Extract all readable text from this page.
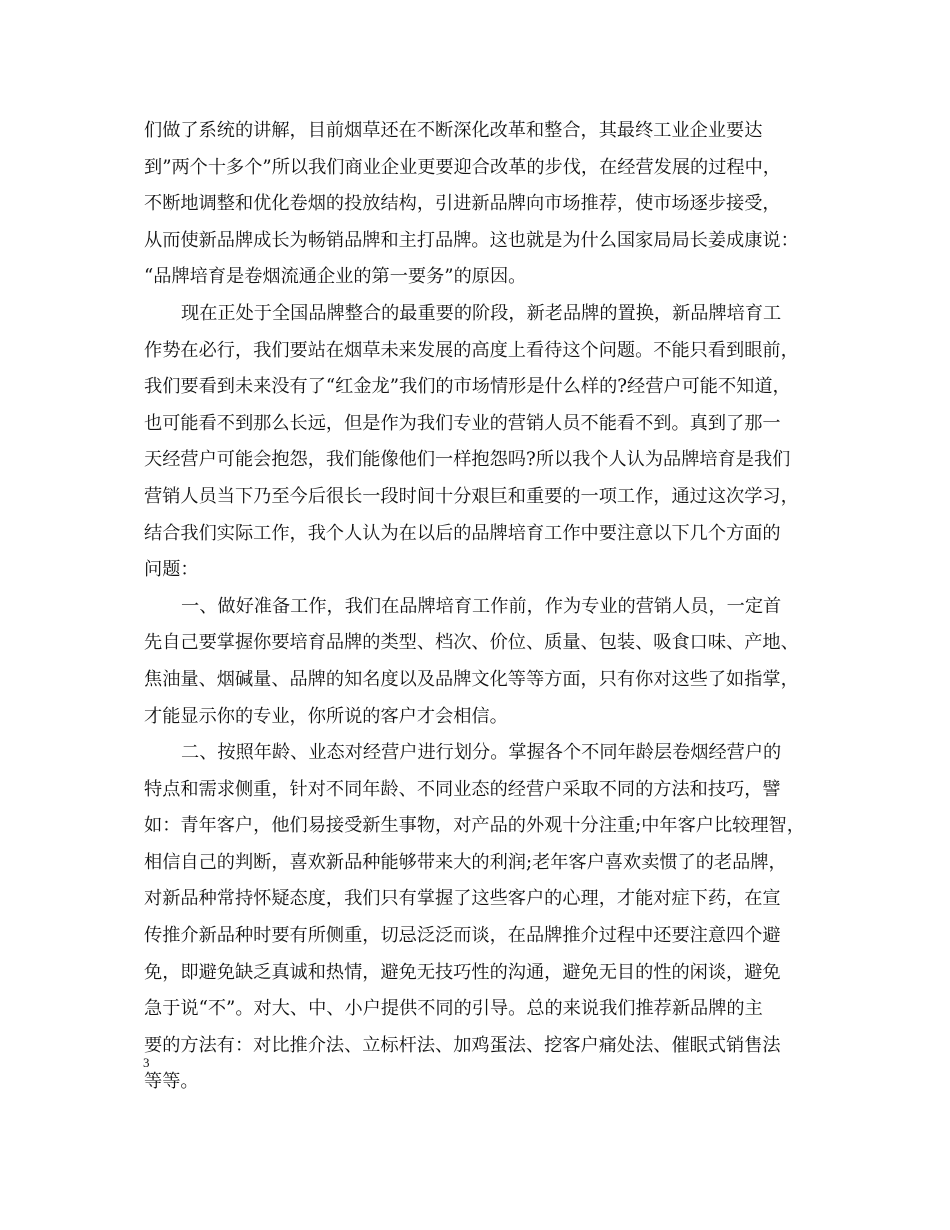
们做了系统的讲解，目前烟草还在不断深化改革和整合，其最终工业企业要达
到”两个十多个”所以我们商业企业更要迎合改革的步伐，在经营发展的过程中，
不断地调整和优化卷烟的投放结构，引进新品牌向市场推荐，使市场逐步接受，
从而使新品牌成长为畅销品牌和主打品牌。这也就是为什么国家局局长姜成康说：
“品牌培育是卷烟流通企业的第一要务”的原因。
现在正处于全国品牌整合的最重要的阶段，新老品牌的置换，新品牌培育工
作势在必行，我们要站在烟草未来发展的高度上看待这个问题。不能只看到眼前，
我们要看到未来没有了“红金龙”我们的市场情形是什么样的?经营户可能不知道，
也可能看不到那么长远，但是作为我们专业的营销人员不能看不到。真到了那一
天经营户可能会抱怨，我们能像他们一样抱怨吗?所以我个人认为品牌培育是我们
营销人员当下乃至今后很长一段时间十分艰巨和重要的一项工作，通过这次学习，
结合我们实际工作，我个人认为在以后的品牌培育工作中要注意以下几个方面的
问题：
一、做好准备工作，我们在品牌培育工作前，作为专业的营销人员，一定首
先自己要掌握你要培育品牌的类型、档次、价位、质量、包装、吸食口味、产地、
焦油量、烟碱量、品牌的知名度以及品牌文化等等方面，只有你对这些了如指掌，
才能显示你的专业，你所说的客户才会相信。
二、按照年龄、业态对经营户进行划分。掌握各个不同年龄层卷烟经营户的
特点和需求侧重，针对不同年龄、不同业态的经营户采取不同的方法和技巧，譬
如：青年客户，他们易接受新生事物，对产品的外观十分注重;中年客户比较理智，
相信自己的判断，喜欢新品种能够带来大的利润;老年客户喜欢卖惯了的老品牌，
对新品种常持怀疑态度，我们只有掌握了这些客户的心理，才能对症下药，在宣
传推介新品种时要有所侧重，切忌泛泛而谈，在品牌推介过程中还要注意四个避
免，即避免缺乏真诚和热情，避免无技巧性的沟通，避免无目的性的闲谈，避免
急于说“不”。对大、中、小户提供不同的引导。总的来说我们推荐新品牌的主
要的方法有：对比推介法、立标杆法、加鸡蛋法、挖客户痛处法、催眠式销售法
等等。
3
